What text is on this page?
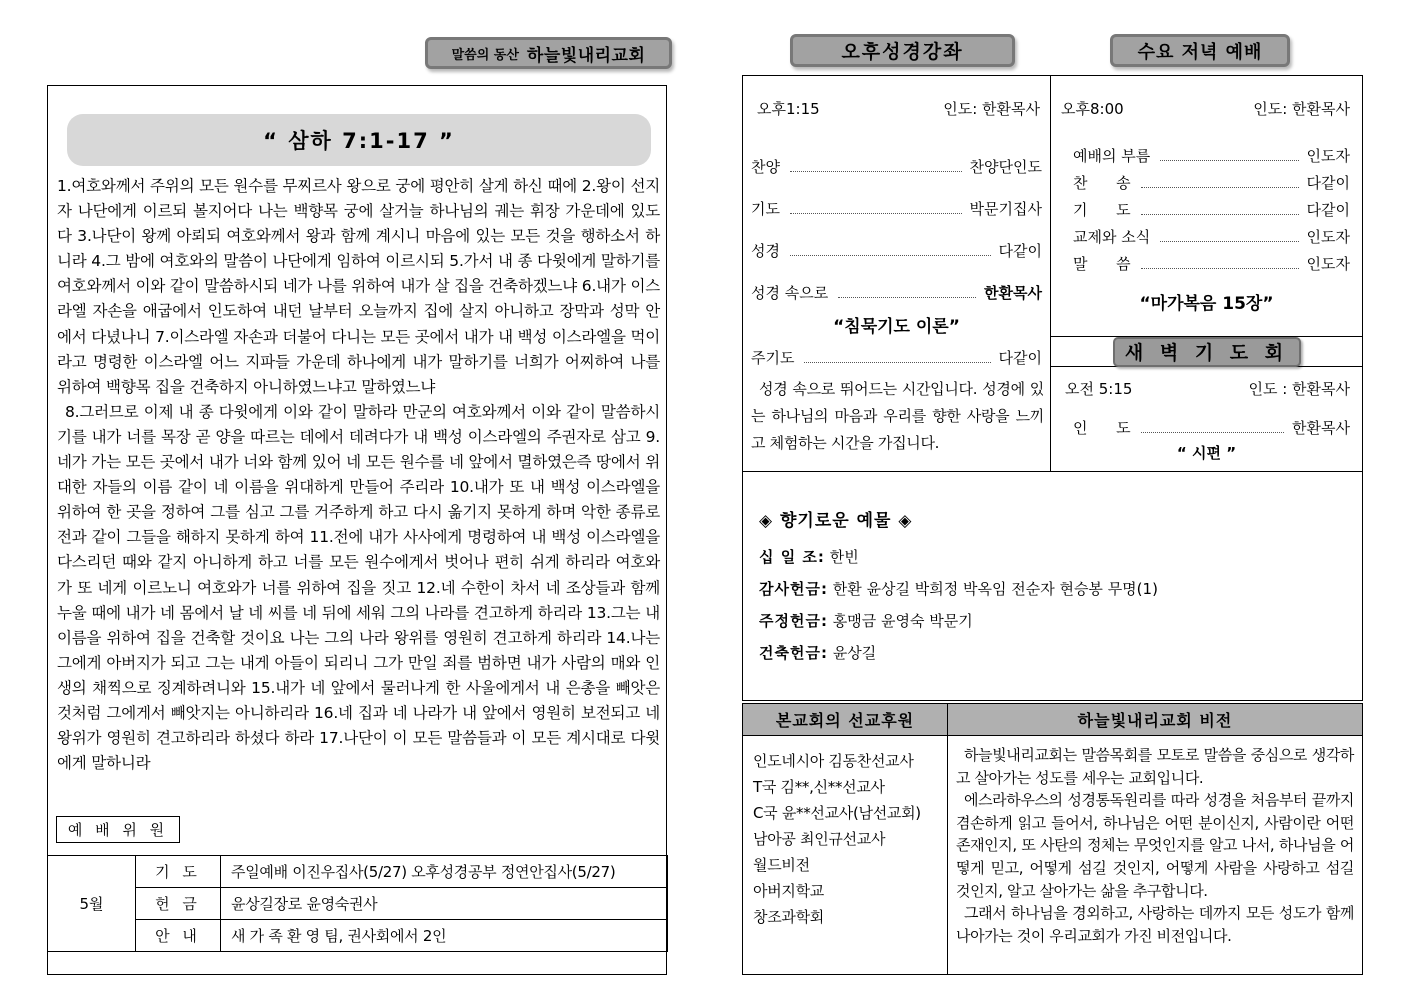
말씀의 동산 하늘빛내리교회	오후성경강좌	수요 저녁 예배
“ 삼하 7:1-17 ”

1.여호와께서 주위의 모든 원수를 무찌르사 왕으로 궁에 평안히 살게 하신 때에 2.왕이 선지자 나단에게 이르되 볼지어다 나는 백향목 궁에 살거늘 하나님의 궤는 휘장 가운데에 있도다 3.나단이 왕께 아뢰되 여호와께서 왕과 함께 계시니 마음에 있는 모든 것을 행하소서 하니라 4.그 밤에 여호와의 말씀이 나단에게 임하여 이르시되 5.가서 내 종 다윗에게 말하기를 여호와께서 이와 같이 말씀하시되 네가 나를 위하여 내가 살 집을 건축하겠느냐 6.내가 이스라엘 자손을 애굽에서 인도하여 내던 날부터 오늘까지 집에 살지 아니하고 장막과 성막 안에서 다녔나니 7.이스라엘 자손과 더불어 다니는 모든 곳에서 내가 내 백성 이스라엘을 먹이라고 명령한 이스라엘 어느 지파들 가운데 하나에게 내가 말하기를 너희가 어찌하여 나를 위하여 백향목 집을 건축하지 아니하였느냐고 말하였느냐

8.그러므로 이제 내 종 다윗에게 이와 같이 말하라 만군의 여호와께서 이와 같이 말씀하시기를 내가 너를 목장 곧 양을 따르는 데에서 데려다가 내 백성 이스라엘의 주권자로 삼고 9.네가 가는 모든 곳에서 내가 너와 함께 있어 네 모든 원수를 네 앞에서 멸하였은즉 땅에서 위대한 자들의 이름 같이 네 이름을 위대하게 만들어 주리라 10.내가 또 내 백성 이스라엘을 위하여 한 곳을 정하여 그를 심고 그를 거주하게 하고 다시 옮기지 못하게 하며 악한 종류로 전과 같이 그들을 해하지 못하게 하여 11.전에 내가 사사에게 명령하여 내 백성 이스라엘을 다스리던 때와 같지 아니하게 하고 너를 모든 원수에게서 벗어나 편히 쉬게 하리라 여호와가 또 네게 이르노니 여호와가 너를 위하여 집을 짓고 12.네 수한이 차서 네 조상들과 함께 누울 때에 내가 네 몸에서 날 네 씨를 네 뒤에 세워 그의 나라를 견고하게 하리라 13.그는 내 이름을 위하여 집을 건축할 것이요 나는 그의 나라 왕위를 영원히 견고하게 하리라 14.나는 그에게 아버지가 되고 그는 내게 아들이 되리니 그가 만일 죄를 범하면 내가 사람의 매와 인생의 채찍으로 징계하려니와 15.내가 네 앞에서 물러나게 한 사울에게서 내 은총을 빼앗은 것처럼 그에게서 빼앗지는 아니하리라 16.네 집과 네 나라가 내 앞에서 영원히 보전되고 네 왕위가 영원히 견고하리라 하셨다 하라 17.나단이 이 모든 말씀들과 이 모든 계시대로 다윗에게 말하니라

예 배 위 원
5월	기 도	주일예배 이진우집사(5/27) 오후성경공부 정연안집사(5/27)
	헌 금	윤상길장로 윤영숙권사
	안 내	새 가 족 환 영 팀, 권사회에서 2인
오후1:15	인도: 한환목사
찬양	찬양단인도
기도	박문기집사
성경	다같이
성경 속으로	한환목사
“침묵기도 이론”
주기도	다같이

성경 속으로 뛰어드는 시간입니다. 성경에 있는 하나님의 마음과 우리를 향한 사랑을 느끼고 체험하는 시간을 가집니다.

오후8:00	인도: 한환목사
예배의 부름	인도자
찬      송	다같이
기      도	다같이
교제와 소식	인도자
말      씀	인도자
“마가복음 15장”
새 벽 기 도 회
오전 5:15	인도 : 한환목사
인      도	한환목사
“ 시편 ”
◈ 향기로운 예물 ◈
십 일 조: 한빈
감사헌금: 한환 윤상길 박희정 박옥임 전순자 현승봉 무명(1)
주정헌금: 홍맹금 윤영숙 박문기
건축헌금: 윤상길
본교회의 선교후원	하늘빛내리교회 비전

인도네시아 김동찬선교사
T국 김**,신**선교사
C국 윤**선교사(남선교회)
남아공 최인규선교사
월드비전
아버지학교
창조과학회

하늘빛내리교회는 말씀목회를 모토로 말씀을 중심으로 생각하고 살아가는 성도를 세우는 교회입니다.

에스라하우스의 성경통독원리를 따라 성경을 처음부터 끝까지 겸손하게 읽고 들어서, 하나님은 어떤 분이신지, 사람이란 어떤 존재인지, 또 사탄의 정체는 무엇인지를 알고 나서, 하나님을 어떻게 믿고, 어떻게 섬길 것인지, 어떻게 사람을 사랑하고 섬길 것인지, 알고 살아가는 삶을 추구합니다.

그래서 하나님을 경외하고, 사랑하는 데까지 모든 성도가 함께 나아가는 것이 우리교회가 가진 비전입니다.
